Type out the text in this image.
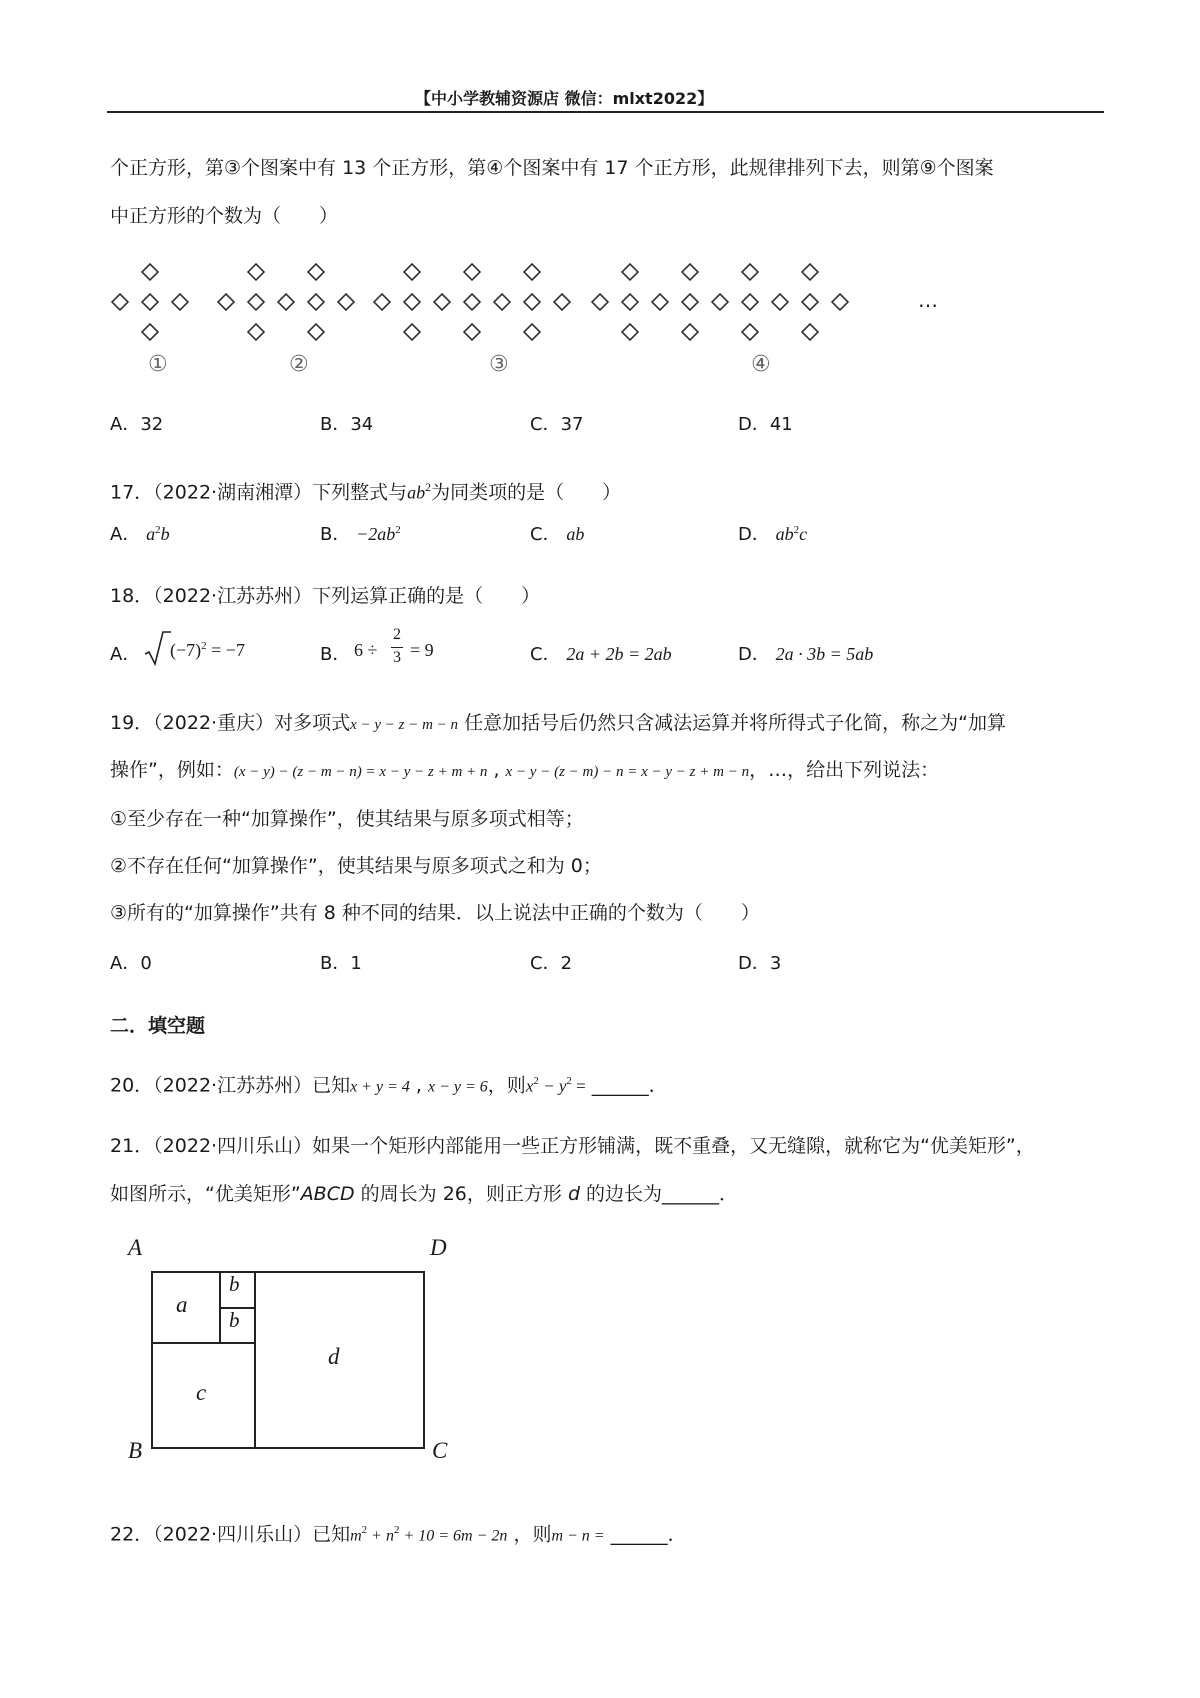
【中小学教辅资源店 微信：mlxt2022】
个正方形，第③个图案中有 13 个正方形，第④个图案中有 17 个正方形，此规律排列下去，则第⑨个图案
中正方形的个数为（　　）
①	②	③	④
…
A．32	B．34	C．37	D．41
17．（2022·湖南湘潭）下列整式与$ab^2$为同类项的是（　　）
A． $a^2b$	B． $-2ab^2$	C． ab	D． $ab^2c$
18．（2022·江苏苏州）下列运算正确的是（　　）
A． $(-7)^2 = -7$	B． 6 ÷
2
3 = 9	C． 2a + 2b = 2ab	D． 2a · 3b = 5ab
19．（2022·重庆）对多项式x − y − z − m − n 任意加括号后仍然只含减法运算并将所得式子化简，称之为“加算
操作”，例如：(x − y) − (z − m − n) = x − y − z + m + n , x − y − (z − m) − n = x − y − z + m − n，…，给出下列说法：
①至少存在一种“加算操作”，使其结果与原多项式相等；
②不存在任何“加算操作”，使其结果与原多项式之和为 0；
③所有的“加算操作”共有 8 种不同的结果．以上说法中正确的个数为（　　）
A．0	B．1	C．2	D．3
二．填空题
20．（2022·江苏苏州）已知x + y = 4 , x − y = 6，则$x^2 - y^2$ = ______．
21．（2022·四川乐山）如果一个矩形内部能用一些正方形铺满，既不重叠，又无缝隙，就称它为“优美矩形”，
如图所示，“优美矩形”ABCD 的周长为 26，则正方形 d 的边长为______．
A	D
B	C
a
b
b
c
d
22．（2022·四川乐山）已知$m^2 + n^2 + 10 = 6m - 2n$ ，则m − n = ______．
